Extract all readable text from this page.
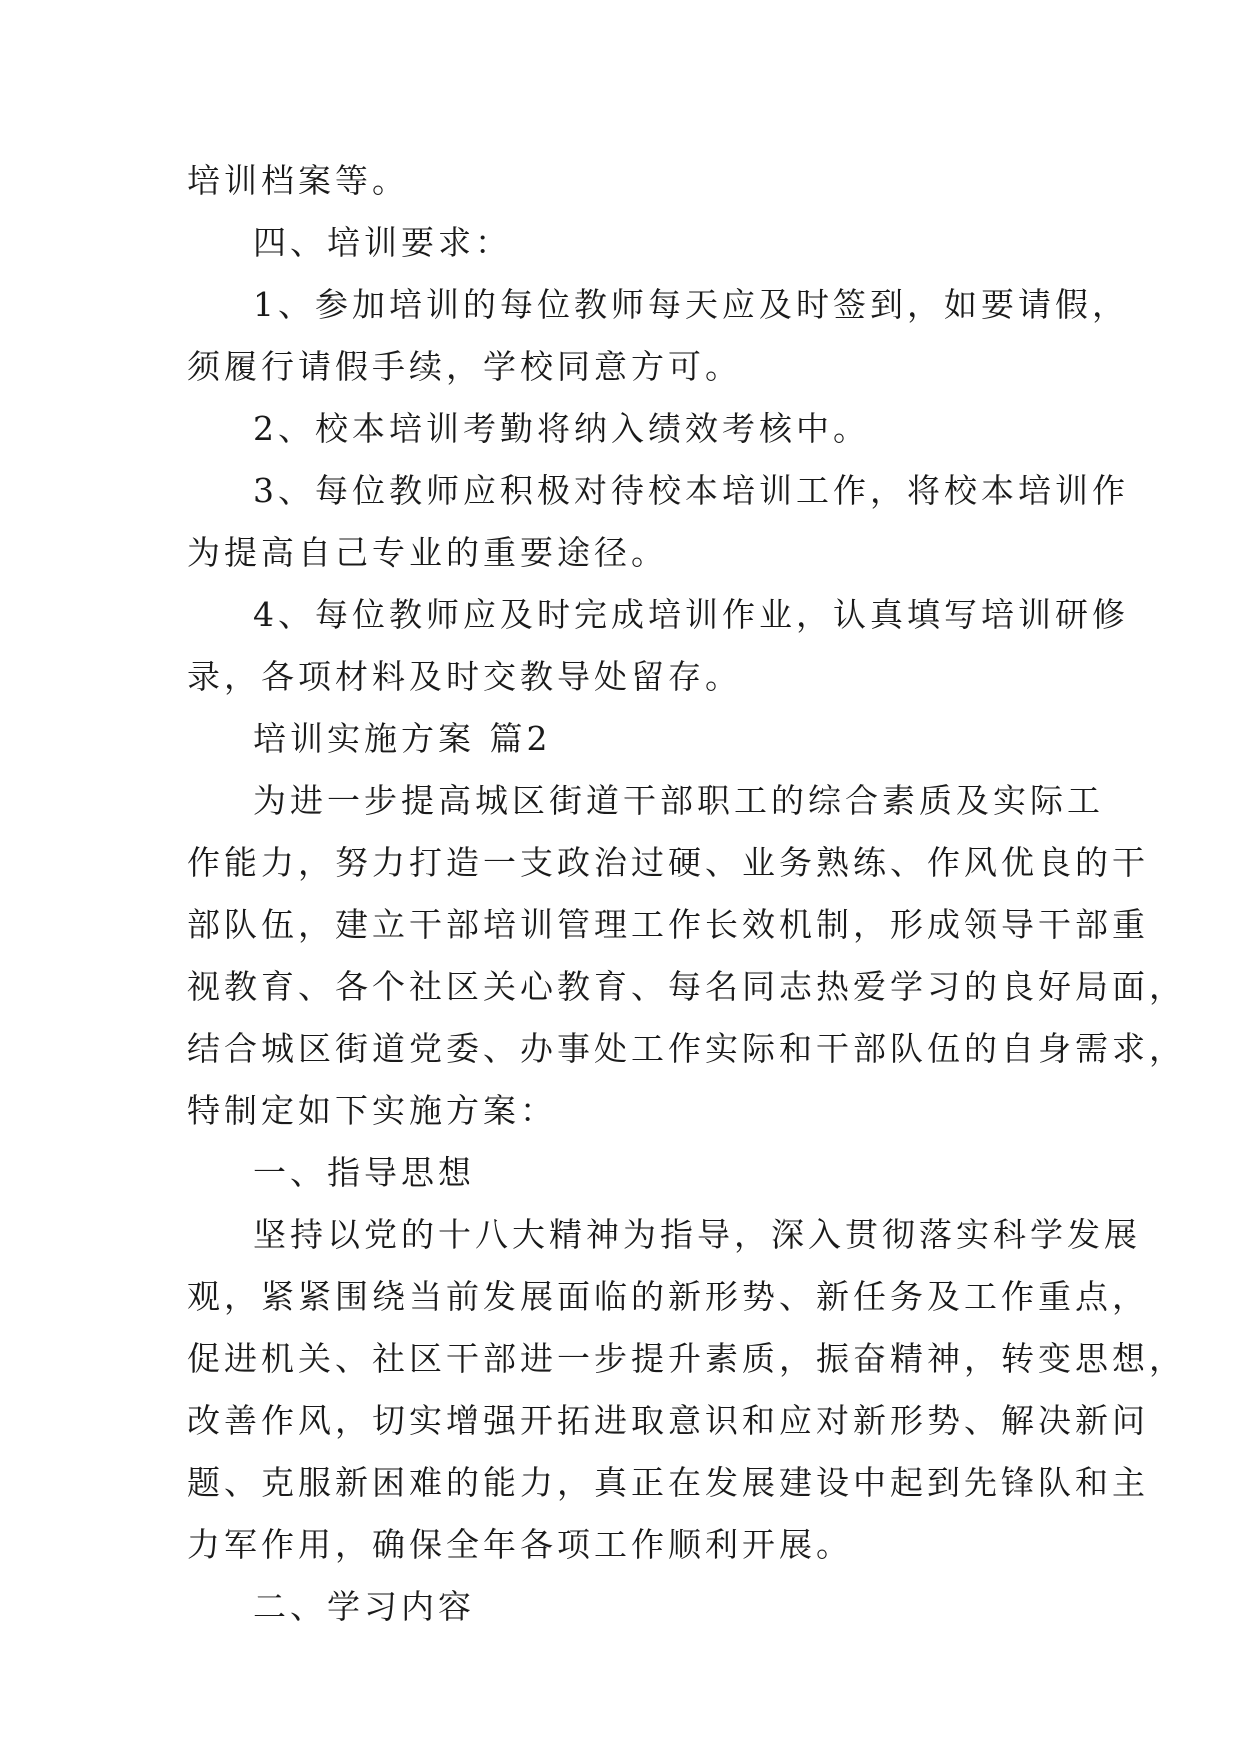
培训档案等。

四、培训要求：

1、参加培训的每位教师每天应及时签到，如要请假，
须履行请假手续，学校同意方可。

2、校本培训考勤将纳入绩效考核中。

3、每位教师应积极对待校本培训工作，将校本培训作
为提高自己专业的重要途径。

4、每位教师应及时完成培训作业，认真填写培训研修
录，各项材料及时交教导处留存。

培训实施方案 篇2

为进一步提高城区街道干部职工的综合素质及实际工
作能力，努力打造一支政治过硬、业务熟练、作风优良的干
部队伍，建立干部培训管理工作长效机制，形成领导干部重
视教育、各个社区关心教育、每名同志热爱学习的良好局面，
结合城区街道党委、办事处工作实际和干部队伍的自身需求，
特制定如下实施方案：

一、指导思想

坚持以党的十八大精神为指导，深入贯彻落实科学发展
观，紧紧围绕当前发展面临的新形势、新任务及工作重点，
促进机关、社区干部进一步提升素质，振奋精神，转变思想，
改善作风，切实增强开拓进取意识和应对新形势、解决新问
题、克服新困难的能力，真正在发展建设中起到先锋队和主
力军作用，确保全年各项工作顺利开展。

二、学习内容
